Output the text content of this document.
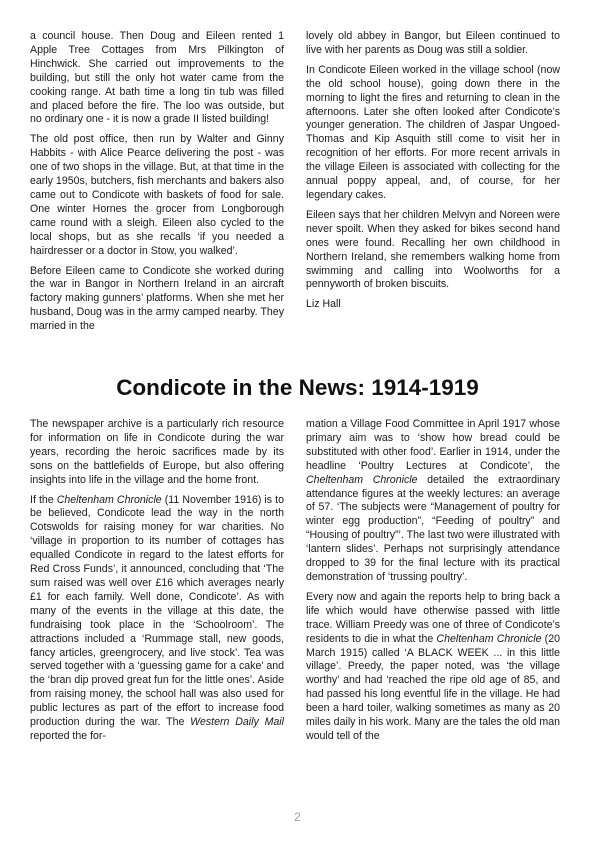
a council house. Then Doug and Eileen rented 1 Apple Tree Cottages from Mrs Pilkington of Hinchwick. She carried out improvements to the building, but still the only hot water came from the cooking range. At bath time a long tin tub was filled and placed before the fire. The loo was outside, but no ordinary one - it is now a grade II listed building!

The old post office, then run by Walter and Ginny Habbits - with Alice Pearce delivering the post - was one of two shops in the village. But, at that time in the early 1950s, butchers, fish merchants and bakers also came out to Condicote with baskets of food for sale. One winter Hornes the grocer from Longborough came round with a sleigh. Eileen also cycled to the local shops, but as she recalls ‘if you needed a hairdresser or a doctor in Stow, you walked’.

Before Eileen came to Condicote she worked during the war in Bangor in Northern Ireland in an aircraft factory making gunners’ platforms. When she met her husband, Doug was in the army camped nearby. They married in the

lovely old abbey in Bangor, but Eileen continued to live with her parents as Doug was still a soldier.

In Condicote Eileen worked in the village school (now the old school house), going down there in the morning to light the fires and returning to clean in the afternoons. Later she often looked after Condicote’s younger generation. The children of Jaspar Ungoed-Thomas and Kip Asquith still come to visit her in recognition of her efforts. For more recent arrivals in the village Eileen is associated with collecting for the annual poppy appeal, and, of course, for her legendary cakes.

Eileen says that her children Melvyn and Noreen were never spoilt. When they asked for bikes second hand ones were found. Recalling her own childhood in Northern Ireland, she remembers walking home from swimming and calling into Woolworths for a pennyworth of broken biscuits.

Liz Hall

Condicote in the News: 1914-1919

The newspaper archive is a particularly rich resource for information on life in Condicote during the war years, recording the heroic sacrifices made by its sons on the battlefields of Europe, but also offering insights into life in the village and the home front.

If the Cheltenham Chronicle (11 November 1916) is to be believed, Condicote lead the way in the north Cotswolds for raising money for war charities. No ‘village in proportion to its number of cottages has equalled Condicote in regard to the latest efforts for Red Cross Funds’, it announced, concluding that ‘The sum raised was well over £16 which averages nearly £1 for each family. Well done, Condicote’. As with many of the events in the village at this date, the fundraising took place in the ‘Schoolroom’. The attractions included a ‘Rummage stall, new goods, fancy articles, greengrocery, and live stock’. Tea was served together with a ‘guessing game for a cake’ and the ‘bran dip proved great fun for the little ones’. Aside from raising money, the school hall was also used for public lectures as part of the effort to increase food production during the war. The Western Daily Mail reported the for-

mation a Village Food Committee in April 1917 whose primary aim was to ‘show how bread could be substituted with other food’. Earlier in 1914, under the headline ‘Poultry Lectures at Condicote’, the Cheltenham Chronicle detailed the extraordinary attendance figures at the weekly lectures: an average of 57. ‘The subjects were “Management of poultry for winter egg production”, “Feeding of poultry” and “Housing of poultry”’. The last two were illustrated with ‘lantern slides’. Perhaps not surprisingly attendance dropped to 39 for the final lecture with its practical demonstration of ‘trussing poultry’.

Every now and again the reports help to bring back a life which would have otherwise passed with little trace. William Preedy was one of three of Condicote’s residents to die in what the Cheltenham Chronicle (20 March 1915) called ‘A BLACK WEEK ... in this little village’. Preedy, the paper noted, was ‘the village worthy’ and had ‘reached the ripe old age of 85, and had passed his long eventful life in the village. He had been a hard toiler, walking sometimes as many as 20 miles daily in his work. Many are the tales the old man would tell of the

2
